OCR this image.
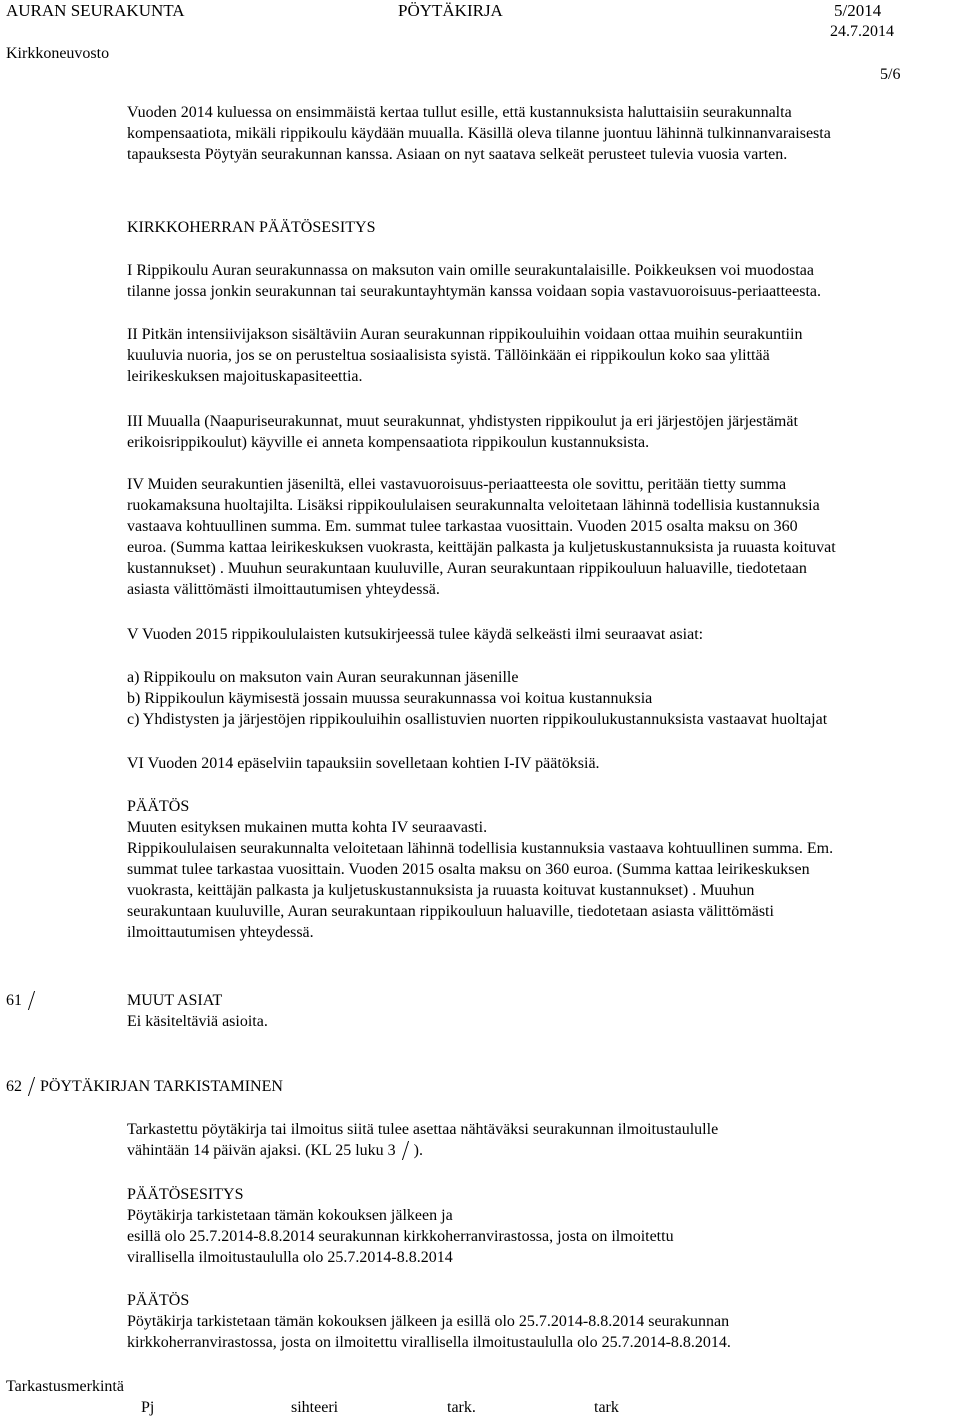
AURAN SEURAKUNTA	PÖYTÄKIRJA	5/2014
Kirkkoneuvosto
24.7.2014
5/6

Vuoden 2014 kuluessa on ensimmäistä kertaa tullut esille, että kustannuksista haluttaisiin seurakunnalta

kompensaatiota, mikäli rippikoulu käydään muualla. Käsillä oleva tilanne juontuu lähinnä tulkinnanvaraisesta

tapauksesta Pöytyän seurakunnan kanssa. Asiaan on nyt saatava selkeät perusteet tulevia vuosia varten.

KIRKKOHERRAN PÄÄTÖSESITYS

I Rippikoulu Auran seurakunnassa on maksuton vain omille seurakuntalaisille. Poikkeuksen voi muodostaa

tilanne jossa jonkin seurakunnan tai seurakuntayhtymän kanssa voidaan sopia vastavuoroisuus-periaatteesta.

II Pitkän intensiivijakson sisältäviin Auran seurakunnan rippikouluihin voidaan ottaa muihin seurakuntiin

kuuluvia nuoria, jos se on perusteltua sosiaalisista syistä. Tällöinkään ei rippikoulun koko saa ylittää

leirikeskuksen majoituskapasiteettia.

III Muualla (Naapuriseurakunnat, muut seurakunnat, yhdistysten rippikoulut ja eri järjestöjen järjestämät

erikoisrippikoulut) käyville ei anneta kompensaatiota rippikoulun kustannuksista.

IV Muiden seurakuntien jäseniltä, ellei vastavuoroisuus-periaatteesta ole sovittu, peritään tietty summa

ruokamaksuna huoltajilta. Lisäksi rippikoululaisen seurakunnalta veloitetaan lähinnä todellisia kustannuksia

vastaava kohtuullinen summa. Em. summat tulee tarkastaa vuosittain. Vuoden 2015 osalta maksu on 360

euroa. (Summa kattaa leirikeskuksen vuokrasta, keittäjän palkasta ja kuljetuskustannuksista ja ruuasta koituvat

kustannukset) . Muuhun seurakuntaan kuuluville, Auran seurakuntaan rippikouluun haluaville, tiedotetaan

asiasta välittömästi ilmoittautumisen yhteydessä.

V Vuoden 2015 rippikoululaisten kutsukirjeessä tulee käydä selkeästi ilmi seuraavat asiat:

a) Rippikoulu on maksuton vain Auran seurakunnan jäsenille

b) Rippikoulun käymisestä jossain muussa seurakunnassa voi koitua kustannuksia

c) Yhdistysten ja järjestöjen rippikouluihin osallistuvien nuorten rippikoulukustannuksista vastaavat huoltajat

VI Vuoden 2014 epäselviin tapauksiin sovelletaan kohtien I-IV päätöksiä.

PÄÄTÖS

Muuten esityksen mukainen mutta kohta IV seuraavasti.

Rippikoululaisen seurakunnalta veloitetaan lähinnä todellisia kustannuksia vastaava kohtuullinen summa. Em.

summat tulee tarkastaa vuosittain. Vuoden 2015 osalta maksu on 360 euroa. (Summa kattaa leirikeskuksen

vuokrasta, keittäjän palkasta ja kuljetuskustannuksista ja ruuasta koituvat kustannukset) . Muuhun

seurakuntaan kuuluville, Auran seurakuntaan rippikouluun haluaville, tiedotetaan asiasta välittömästi

ilmoittautumisen yhteydessä.

61	MUUT ASIAT

Ei käsiteltäviä asioita.

62 PÖYTÄKIRJAN TARKISTAMINEN

Tarkastettu pöytäkirja tai ilmoitus siitä tulee asettaa nähtäväksi seurakunnan ilmoitustaululle

vähintään 14 päivän ajaksi. (KL 25 luku 3 ).

PÄÄTÖSESITYS

Pöytäkirja tarkistetaan tämän kokouksen jälkeen ja

esillä olo 25.7.2014-8.8.2014 seurakunnan kirkkoherranvirastossa, josta on ilmoitettu

virallisella ilmoitustaululla olo 25.7.2014-8.8.2014

PÄÄTÖS

Pöytäkirja tarkistetaan tämän kokouksen jälkeen ja esillä olo 25.7.2014-8.8.2014 seurakunnan

kirkkoherranvirastossa, josta on ilmoitettu virallisella ilmoitustaululla olo 25.7.2014-8.8.2014.

Tarkastusmerkintä
Pj	sihteeri	tark.	tark
